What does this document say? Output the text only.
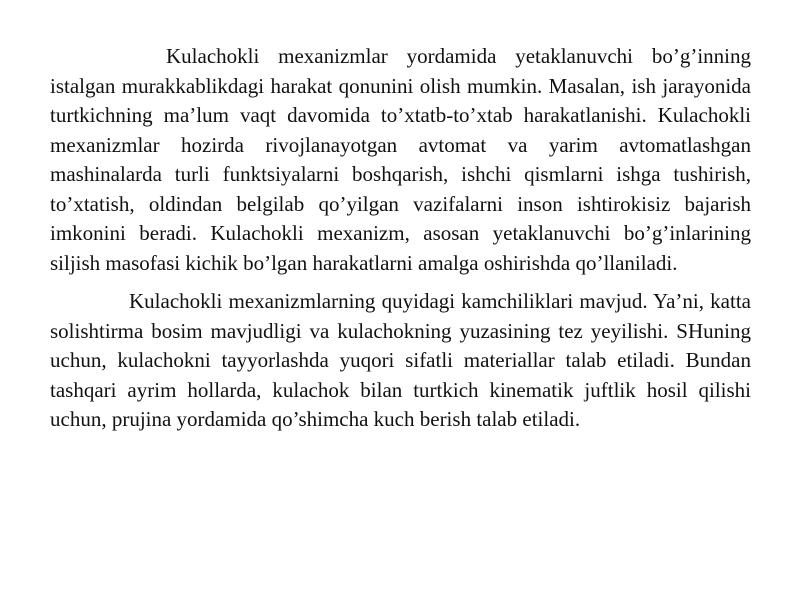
Kulachokli mexanizmlar yordamida yetaklanuvchi bo’g’inning istalgan murakkablikdagi harakat qonunini olish mumkin. Masalan, ish jarayonida turtkichning ma’lum vaqt davomida to’xtatb-to’xtab harakatlanishi. Kulachokli mexanizmlar hozirda rivojlanayotgan avtomat va yarim avtomatlashgan mashinalarda turli funktsiyalarni boshqarish, ishchi qismlarni ishga tushirish, to’xtatish, oldindan belgilab qo’yilgan vazifalarni inson ishtirokisiz bajarish imkonini beradi. Kulachokli mexanizm, asosan yetaklanuvchi bo’g’inlarining siljish masofasi kichik bo’lgan harakatlarni amalga oshirishda qo’llaniladi.

Kulachokli mexanizmlarning quyidagi kamchiliklari mavjud. Ya’ni, katta solishtirma bosim mavjudligi va kulachokning yuzasining tez yeyilishi. SHuning uchun, kulachokni tayyorlashda yuqori sifatli materiallar talab etiladi. Bundan tashqari ayrim hollarda, kulachok bilan turtkich kinematik juftlik hosil qilishi uchun, prujina yordamida qo’shimcha kuch berish talab etiladi.
